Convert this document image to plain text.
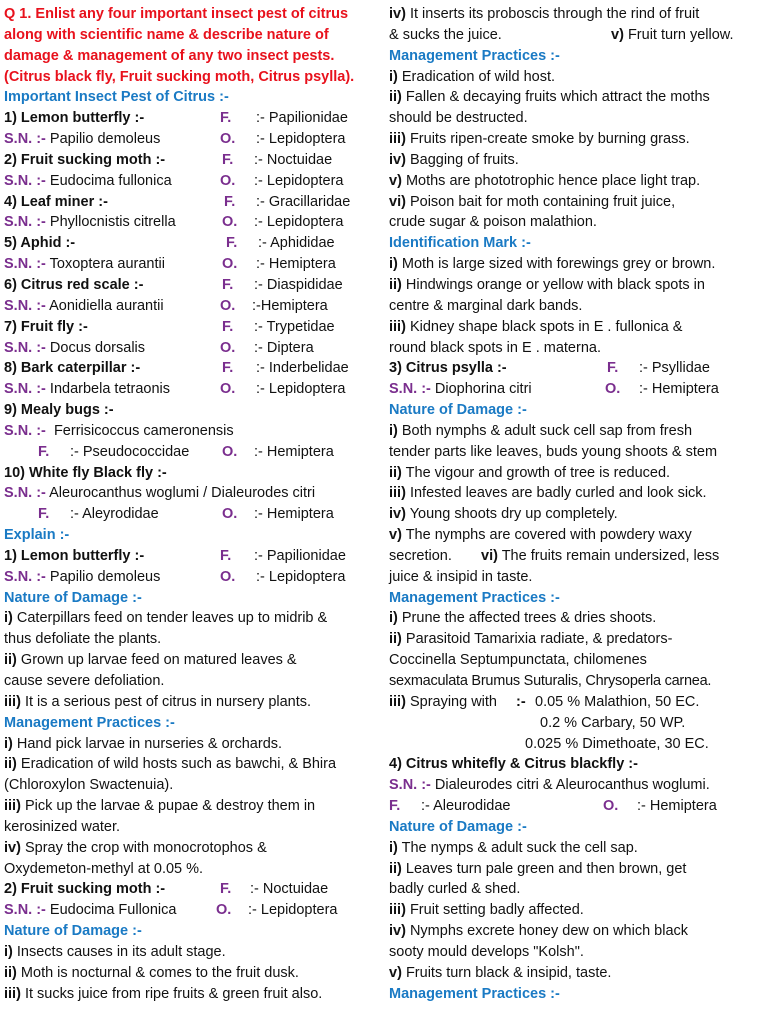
Q 1. Enlist any four important insect pest of citrus
along with scientific name & describe nature of
damage & management of any two insect pests.
(Citrus black fly, Fruit sucking moth, Citrus psylla).
Important Insect Pest of Citrus :-
1) Lemon butterfly :-	F. :- Papilionidae
S.N. :- Papilio demoleus	O. :- Lepidoptera
2) Fruit sucking moth :-	F. :- Noctuidae
S.N. :- Eudocima fullonica	O. :- Lepidoptera
4) Leaf miner :-	F. :- Gracillaridae
S.N. :- Phyllocnistis citrella	O. :- Lepidoptera
5) Aphid :-	F. :- Aphididae
S.N. :- Toxoptera aurantii	O. :- Hemiptera
6) Citrus red scale :-	F. :- Diaspididae
S.N. :- Aonidiella aurantii	O. :-Hemiptera
7) Fruit fly :-	F. :- Trypetidae
S.N. :- Docus dorsalis	O. :- Diptera
8) Bark caterpillar :-	F. :- Inderbelidae
S.N. :- Indarbela tetraonis	O. :- Lepidoptera
9) Mealy bugs :-
S.N. :- Ferrisicoccus cameronensis
F. :- Pseudococcidae O. :- Hemiptera
10) White fly Black fly :-
S.N. :- Aleurocanthus woglumi / Dialeurodes citri
F. :- Aleyrodidae	O. :- Hemiptera
Explain :-
1) Lemon butterfly :-	F. :- Papilionidae
S.N. :- Papilio demoleus	O. :- Lepidoptera
Nature of Damage :-
i) Caterpillars feed on tender leaves up to midrib &
thus defoliate the plants.
ii) Grown up larvae feed on matured leaves &
cause severe defoliation.
iii) It is a serious pest of citrus in nursery plants.
Management Practices :-
i) Hand pick larvae in nurseries & orchards.
ii) Eradication of wild hosts such as bawchi, & Bhira
(Chloroxylon Swactenuia).
iii) Pick up the larvae & pupae & destroy them in
kerosinized water.
iv) Spray the crop with monocrotophos &
Oxydemeton-methyl at 0.05 %.
2) Fruit sucking moth :-	F. :- Noctuidae
S.N. :- Eudocima Fullonica	O. :- Lepidoptera
Nature of Damage :-
i) Insects causes in its adult stage.
ii) Moth is nocturnal & comes to the fruit dusk.
iii) It sucks juice from ripe fruits & green fruit also.
iv) It inserts its proboscis through the rind of fruit
& sucks the juice.	v) Fruit turn yellow.
Management Practices :-
i) Eradication of wild host.
ii) Fallen & decaying fruits which attract the moths
should be destructed.
iii) Fruits ripen-create smoke by burning grass.
iv) Bagging of fruits.
v) Moths are phototrophic hence place light trap.
vi) Poison bait for moth containing fruit juice,
crude sugar & poison malathion.
Identification Mark :-
i) Moth is large sized with forewings grey or brown.
ii) Hindwings orange or yellow with black spots in
centre & marginal dark bands.
iii) Kidney shape black spots in E . fullonica &
round black spots in E . materna.
3) Citrus psylla :-	F. :- Psyllidae
S.N. :- Diophorina citri	O. :- Hemiptera
Nature of Damage :-
i) Both nymphs & adult suck cell sap from fresh
tender parts like leaves, buds young shoots & stem
ii) The vigour and growth of tree is reduced.
iii) Infested leaves are badly curled and look sick.
iv) Young shoots dry up completely.
v) The nymphs are covered with powdery waxy
secretion. vi) The fruits remain undersized, less
juice & insipid in taste.
Management Practices :-
i) Prune the affected trees & dries shoots.
ii) Parasitoid Tamarixia radiate, & predators-
Coccinella Septumpunctata, chilomenes
sexmaculata Brumus Suturalis, Chrysoperla carnea.
iii) Spraying with :- 0.05 % Malathion, 50 EC.
0.2 % Carbary, 50 WP.
0.025 % Dimethoate, 30 EC.
4) Citrus whitefly & Citrus blackfly :-
S.N. :- Dialeurodes citri & Aleurocanthus woglumi.
F. :- Aleurodidae	O. :- Hemiptera
Nature of Damage :-
i) The nymps & adult suck the cell sap.
ii) Leaves turn pale green and then brown, get
badly curled & shed.
iii) Fruit setting badly affected.
iv) Nymphs excrete honey dew on which black
sooty mould develops "Kolsh".
v) Fruits turn black & insipid, taste.
Management Practices :-
